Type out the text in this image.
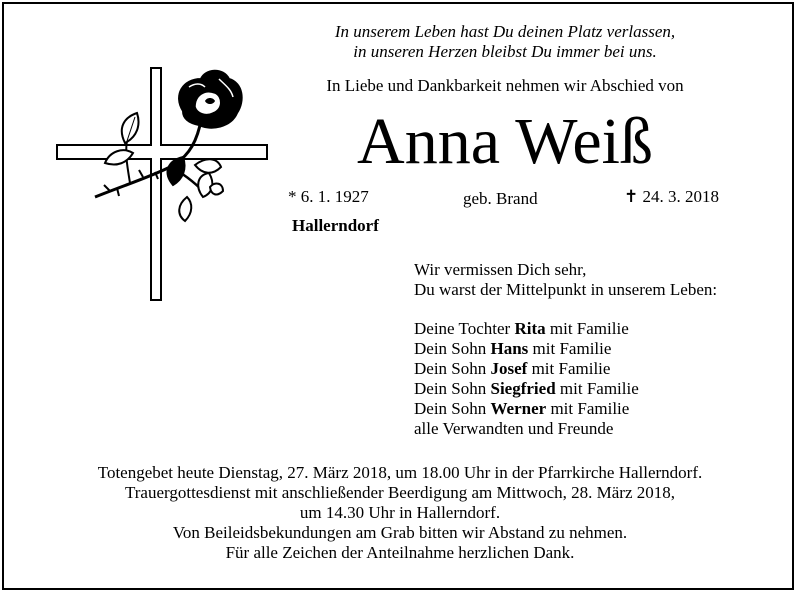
In unserem Leben hast Du deinen Platz verlassen,
in unseren Herzen bleibst Du immer bei uns.
In Liebe und Dankbarkeit nehmen wir Abschied von
Anna Weiß
* 6. 1. 1927	geb. Brand	✝ 24. 3. 2018
Hallerndorf
Wir vermissen Dich sehr,
Du warst der Mittelpunkt in unserem Leben:
Deine Tochter Rita mit Familie
Dein Sohn Hans mit Familie
Dein Sohn Josef mit Familie
Dein Sohn Siegfried mit Familie
Dein Sohn Werner mit Familie
alle Verwandten und Freunde
Totengebet heute Dienstag, 27. März 2018, um 18.00 Uhr in der Pfarrkirche Hallerndorf.
Trauergottesdienst mit anschließender Beerdigung am Mittwoch, 28. März 2018,
um 14.30 Uhr in Hallerndorf.
Von Beileidsbekundungen am Grab bitten wir Abstand zu nehmen.
Für alle Zeichen der Anteilnahme herzlichen Dank.
